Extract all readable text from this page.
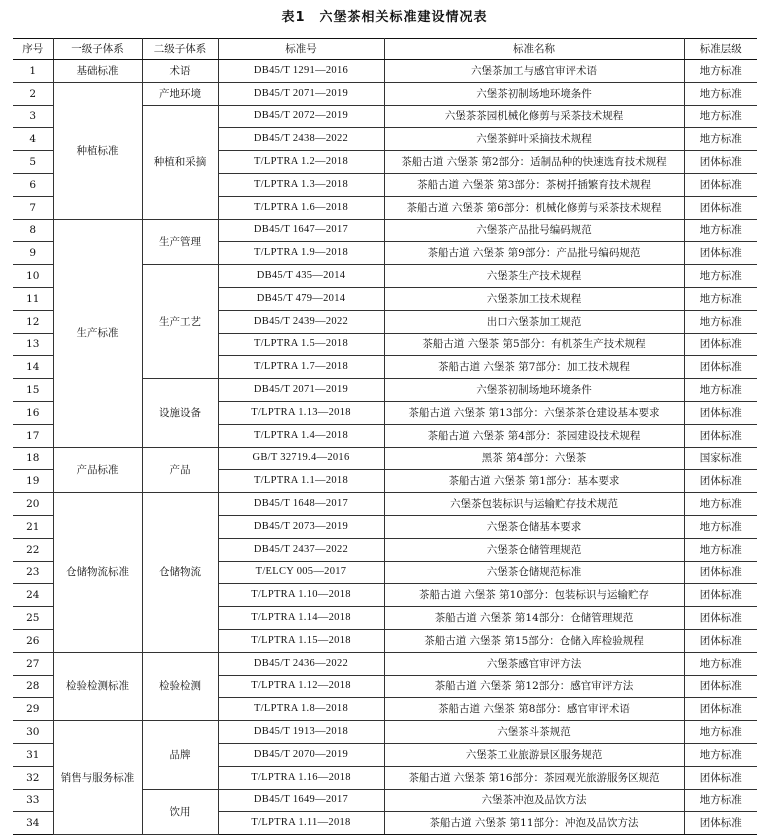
表1　六堡茶相关标准建设情况表
序号	一级子体系	二级子体系	标准号	标准名称	标准层级
1	基础标准	术语	DB45/T 1291—2016	六堡茶加工与感官审评术语	地方标准
2	种植标准	产地环境	DB45/T 2071—2019	六堡茶初制场地环境条件	地方标准
3		种植和采摘	DB45/T 2072—2019	六堡茶茶园机械化修剪与采茶技术规程	地方标准
4			DB45/T 2438—2022	六堡茶鲜叶采摘技术规程	地方标准
5			T/LPTRA 1.2—2018	茶船古道 六堡茶 第2部分：适制品种的快速选育技术规程	团体标准
6			T/LPTRA 1.3—2018	茶船古道 六堡茶 第3部分：茶树扦插繁育技术规程	团体标准
7			T/LPTRA 1.6—2018	茶船古道 六堡茶 第6部分：机械化修剪与采茶技术规程	团体标准
8	生产标准	生产管理	DB45/T 1647—2017	六堡茶产品批号编码规范	地方标准
9			T/LPTRA 1.9—2018	茶船古道 六堡茶 第9部分：产品批号编码规范	团体标准
10		生产工艺	DB45/T 435—2014	六堡茶生产技术规程	地方标准
11			DB45/T 479—2014	六堡茶加工技术规程	地方标准
12			DB45/T 2439—2022	出口六堡茶加工规范	地方标准
13			T/LPTRA 1.5—2018	茶船古道 六堡茶 第5部分：有机茶生产技术规程	团体标准
14			T/LPTRA 1.7—2018	茶船古道 六堡茶 第7部分：加工技术规程	团体标准
15		设施设备	DB45/T 2071—2019	六堡茶初制场地环境条件	地方标准
16			T/LPTRA 1.13—2018	茶船古道 六堡茶 第13部分：六堡茶茶仓建设基本要求	团体标准
17			T/LPTRA 1.4—2018	茶船古道 六堡茶 第4部分：茶园建设技术规程	团体标准
18	产品标准	产品	GB/T 32719.4—2016	黑茶 第4部分：六堡茶	国家标准
19			T/LPTRA 1.1—2018	茶船古道 六堡茶 第1部分：基本要求	团体标准
20	仓储物流标准	仓储物流	DB45/T 1648—2017	六堡茶包装标识与运输贮存技术规范	地方标准
21			DB45/T 2073—2019	六堡茶仓储基本要求	地方标准
22			DB45/T 2437—2022	六堡茶仓储管理规范	地方标准
23			T/ELCY 005—2017	六堡茶仓储规范标准	团体标准
24			T/LPTRA 1.10—2018	茶船古道 六堡茶 第10部分：包装标识与运输贮存	团体标准
25			T/LPTRA 1.14—2018	茶船古道 六堡茶 第14部分：仓储管理规范	团体标准
26			T/LPTRA 1.15—2018	茶船古道 六堡茶 第15部分：仓储入库检验规程	团体标准
27	检验检测标准	检验检测	DB45/T 2436—2022	六堡茶感官审评方法	地方标准
28			T/LPTRA 1.12—2018	茶船古道 六堡茶 第12部分：感官审评方法	团体标准
29			T/LPTRA 1.8—2018	茶船古道 六堡茶 第8部分：感官审评术语	团体标准
30	销售与服务标准	品牌	DB45/T 1913—2018	六堡茶斗茶规范	地方标准
31			DB45/T 2070—2019	六堡茶工业旅游景区服务规范	地方标准
32			T/LPTRA 1.16—2018	茶船古道 六堡茶 第16部分：茶园观光旅游服务区规范	团体标准
33		饮用	DB45/T 1649—2017	六堡茶冲泡及品饮方法	地方标准
34			T/LPTRA 1.11—2018	茶船古道 六堡茶 第11部分：冲泡及品饮方法	团体标准
